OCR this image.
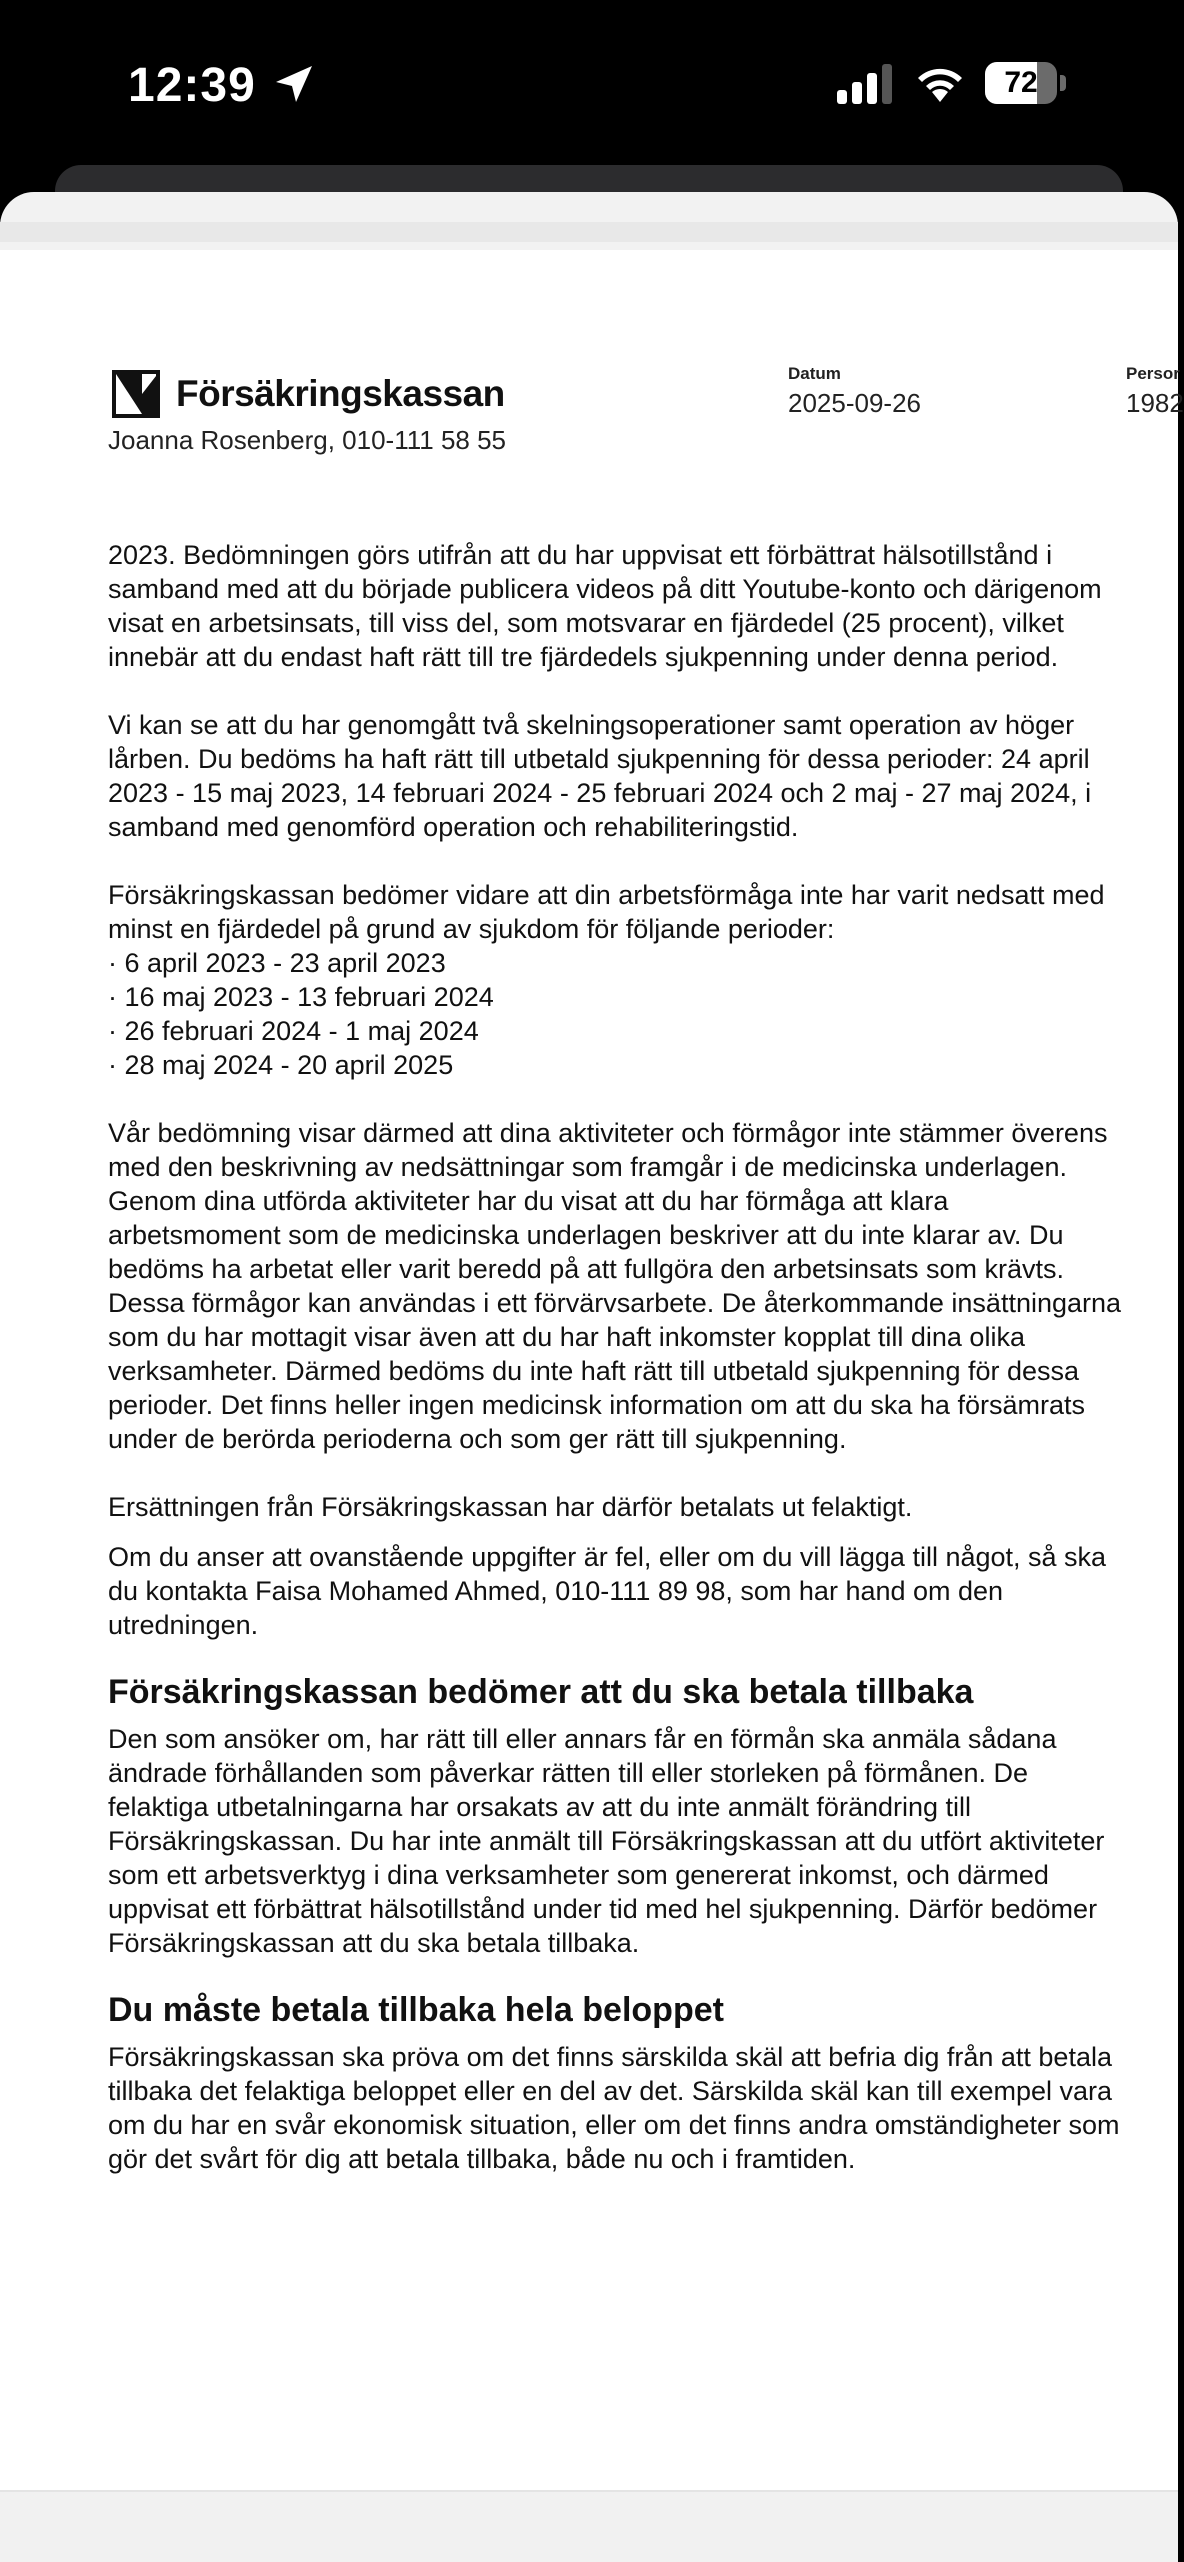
12:39	72
Försäkringskassan	Datum
2025-09-26
Persor
1982
Joanna Rosenberg, 010-111 58 55

2023. Bedömningen görs utifrån att du har uppvisat ett förbättrat hälsotillstånd i samband med att du började publicera videos på ditt Youtube-konto och därigenom visat en arbetsinsats, till viss del, som motsvarar en fjärdedel (25 procent), vilket innebär att du endast haft rätt till tre fjärdedels sjukpenning under denna period.

Vi kan se att du har genomgått två skelningsoperationer samt operation av höger lårben. Du bedöms ha haft rätt till utbetald sjukpenning för dessa perioder: 24 april 2023 - 15 maj 2023, 14 februari 2024 - 25 februari 2024 och 2 maj - 27 maj 2024, i samband med genomförd operation och rehabiliteringstid.

Försäkringskassan bedömer vidare att din arbetsförmåga inte har varit nedsatt med minst en fjärdedel på grund av sjukdom för följande perioder:
· 6 april 2023 - 23 april 2023
· 16 maj 2023 - 13 februari 2024
· 26 februari 2024 - 1 maj 2024
· 28 maj 2024 - 20 april 2025

Vår bedömning visar därmed att dina aktiviteter och förmågor inte stämmer överens med den beskrivning av nedsättningar som framgår i de medicinska underlagen. Genom dina utförda aktiviteter har du visat att du har förmåga att klara arbetsmoment som de medicinska underlagen beskriver att du inte klarar av. Du bedöms ha arbetat eller varit beredd på att fullgöra den arbetsinsats som krävts. Dessa förmågor kan användas i ett förvärvsarbete. De återkommande insättningarna som du har mottagit visar även att du har haft inkomster kopplat till dina olika verksamheter. Därmed bedöms du inte haft rätt till utbetald sjukpenning för dessa perioder. Det finns heller ingen medicinsk information om att du ska ha försämrats under de berörda perioderna och som ger rätt till sjukpenning.

Ersättningen från Försäkringskassan har därför betalats ut felaktigt.

Om du anser att ovanstående uppgifter är fel, eller om du vill lägga till något, så ska du kontakta Faisa Mohamed Ahmed, 010-111 89 98, som har hand om den utredningen.

Försäkringskassan bedömer att du ska betala tillbaka

Den som ansöker om, har rätt till eller annars får en förmån ska anmäla sådana ändrade förhållanden som påverkar rätten till eller storleken på förmånen. De felaktiga utbetalningarna har orsakats av att du inte anmält förändring till Försäkringskassan. Du har inte anmält till Försäkringskassan att du utfört aktiviteter som ett arbetsverktyg i dina verksamheter som genererat inkomst, och därmed uppvisat ett förbättrat hälsotillstånd under tid med hel sjukpenning. Därför bedömer Försäkringskassan att du ska betala tillbaka.

Du måste betala tillbaka hela beloppet

Försäkringskassan ska pröva om det finns särskilda skäl att befria dig från att betala tillbaka det felaktiga beloppet eller en del av det. Särskilda skäl kan till exempel vara om du har en svår ekonomisk situation, eller om det finns andra omständigheter som gör det svårt för dig att betala tillbaka, både nu och i framtiden.
